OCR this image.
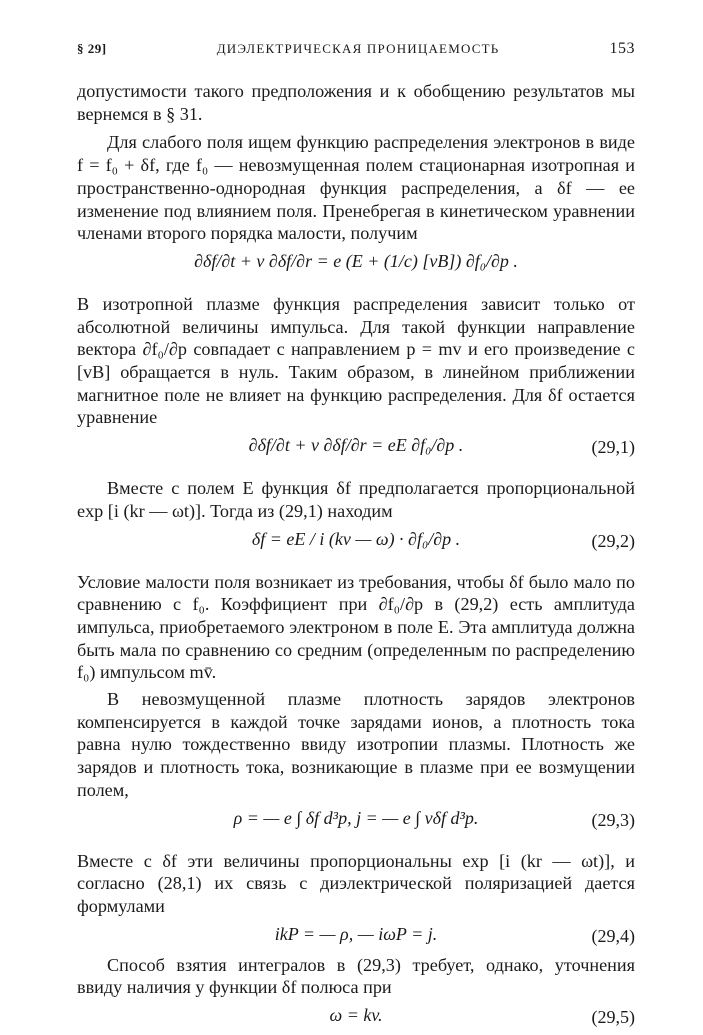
§ 29]	ДИЭЛЕКТРИЧЕСКАЯ ПРОНИЦАЕМОСТЬ	153

допустимости такого предположения и к обобщению результатов мы вернемся в § 31.

Для слабого поля ищем функцию распределения электронов в виде f = f₀ + δf, где f₀ — невозмущенная полем стационарная изотропная и пространственно-однородная функция распределения, а δf — ее изменение под влиянием поля. Пренебрегая в кинетическом уравнении членами второго порядка малости, получим

∂δf/∂t + v ∂δf/∂r = e (E + (1/c) [vB]) ∂f₀/∂p .

В изотропной плазме функция распределения зависит только от абсолютной величины импульса. Для такой функции направление вектора ∂f₀/∂p совпадает с направлением p = mv и его произведение с [vB] обращается в нуль. Таким образом, в линейном приближении магнитное поле не влияет на функцию распределения. Для δf остается уравнение

∂δf/∂t + v ∂δf/∂r = eE ∂f₀/∂p .	(29,1)

Вместе с полем E функция δf предполагается пропорциональной exp [i (kr — ωt)]. Тогда из (29,1) находим

δf = eE / i (kv — ω) · ∂f₀/∂p .	(29,2)

Условие малости поля возникает из требования, чтобы δf было мало по сравнению с f₀. Коэффициент при ∂f₀/∂p в (29,2) есть амплитуда импульса, приобретаемого электроном в поле E. Эта амплитуда должна быть мала по сравнению со средним (определенным по распределению f₀) импульсом mv̄.

В невозмущенной плазме плотность зарядов электронов компенсируется в каждой точке зарядами ионов, а плотность тока равна нулю тождественно ввиду изотропии плазмы. Плотность же зарядов и плотность тока, возникающие в плазме при ее возмущении полем,

ρ = — e ∫ δf d³p, j = — e ∫ vδf d³p.	(29,3)

Вместе с δf эти величины пропорциональны exp [i (kr — ωt)], и согласно (28,1) их связь с диэлектрической поляризацией дается формулами

ikP = — ρ, — iωP = j.	(29,4)

Способ взятия интегралов в (29,3) требует, однако, уточнения ввиду наличия у функции δf полюса при

ω = kv.	(29,5)
